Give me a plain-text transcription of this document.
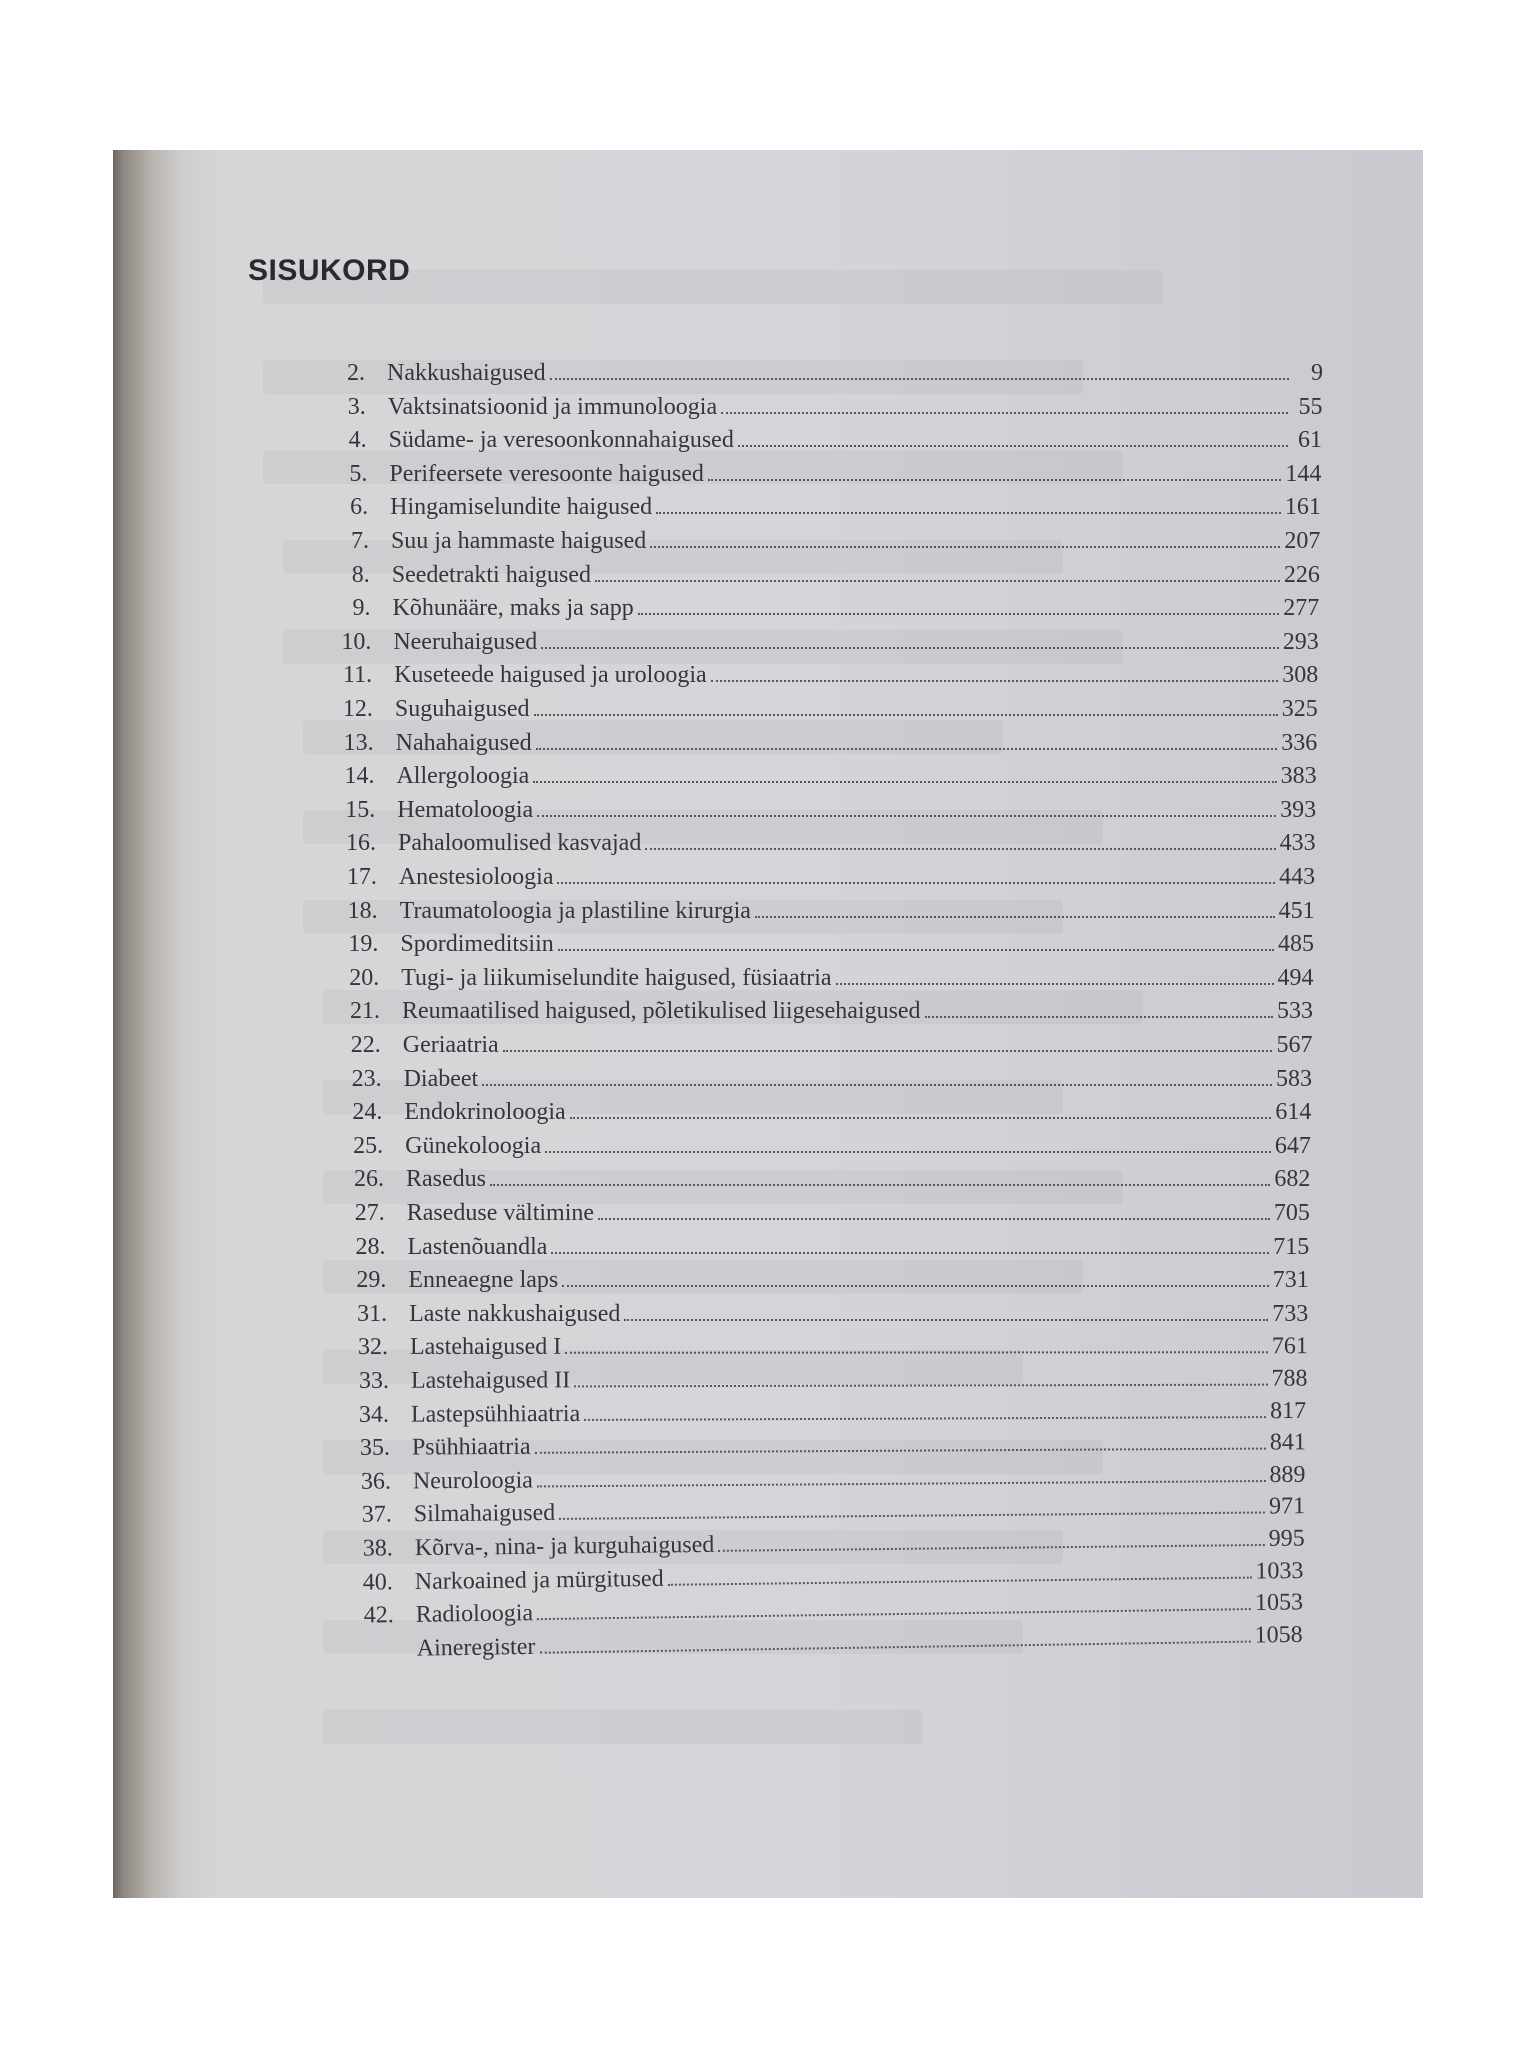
SISUKORD
2. Nakkushaigused	9
3. Vaktsinatsioonid ja immunoloogia	55
4. Südame- ja veresoonkonnahaigused	61
5. Perifeersete veresoonte haigused	144
6. Hingamiselundite haigused	161
7. Suu ja hammaste haigused	207
8. Seedetrakti haigused	226
9. Kõhunääre, maks ja sapp	277
10. Neeruhaigused	293
11. Kuseteede haigused ja uroloogia	308
12. Suguhaigused	325
13. Nahahaigused	336
14. Allergoloogia	383
15. Hematoloogia	393
16. Pahaloomulised kasvajad	433
17. Anestesioloogia	443
18. Traumatoloogia ja plastiline kirurgia	451
19. Spordimeditsiin	485
20. Tugi- ja liikumiselundite haigused, füsiaatria	494
21. Reumaatilised haigused, põletikulised liigesehaigused	533
22. Geriaatria	567
23. Diabeet	583
24. Endokrinoloogia	614
25. Günekoloogia	647
26. Rasedus	682
27. Raseduse vältimine	705
28. Lastenõuandla	715
29. Enneaegne laps	731
31. Laste nakkushaigused	733
32. Lastehaigused I	761
33. Lastehaigused II	788
34. Lastepsühhiaatria	817
35. Psühhiaatria	841
36. Neuroloogia	889
37. Silmahaigused	971
38. Kõrva-, nina- ja kurguhaigused	995
40. Narkoained ja mürgitused	1033
42. Radioloogia	1053
Aineregister	1058
